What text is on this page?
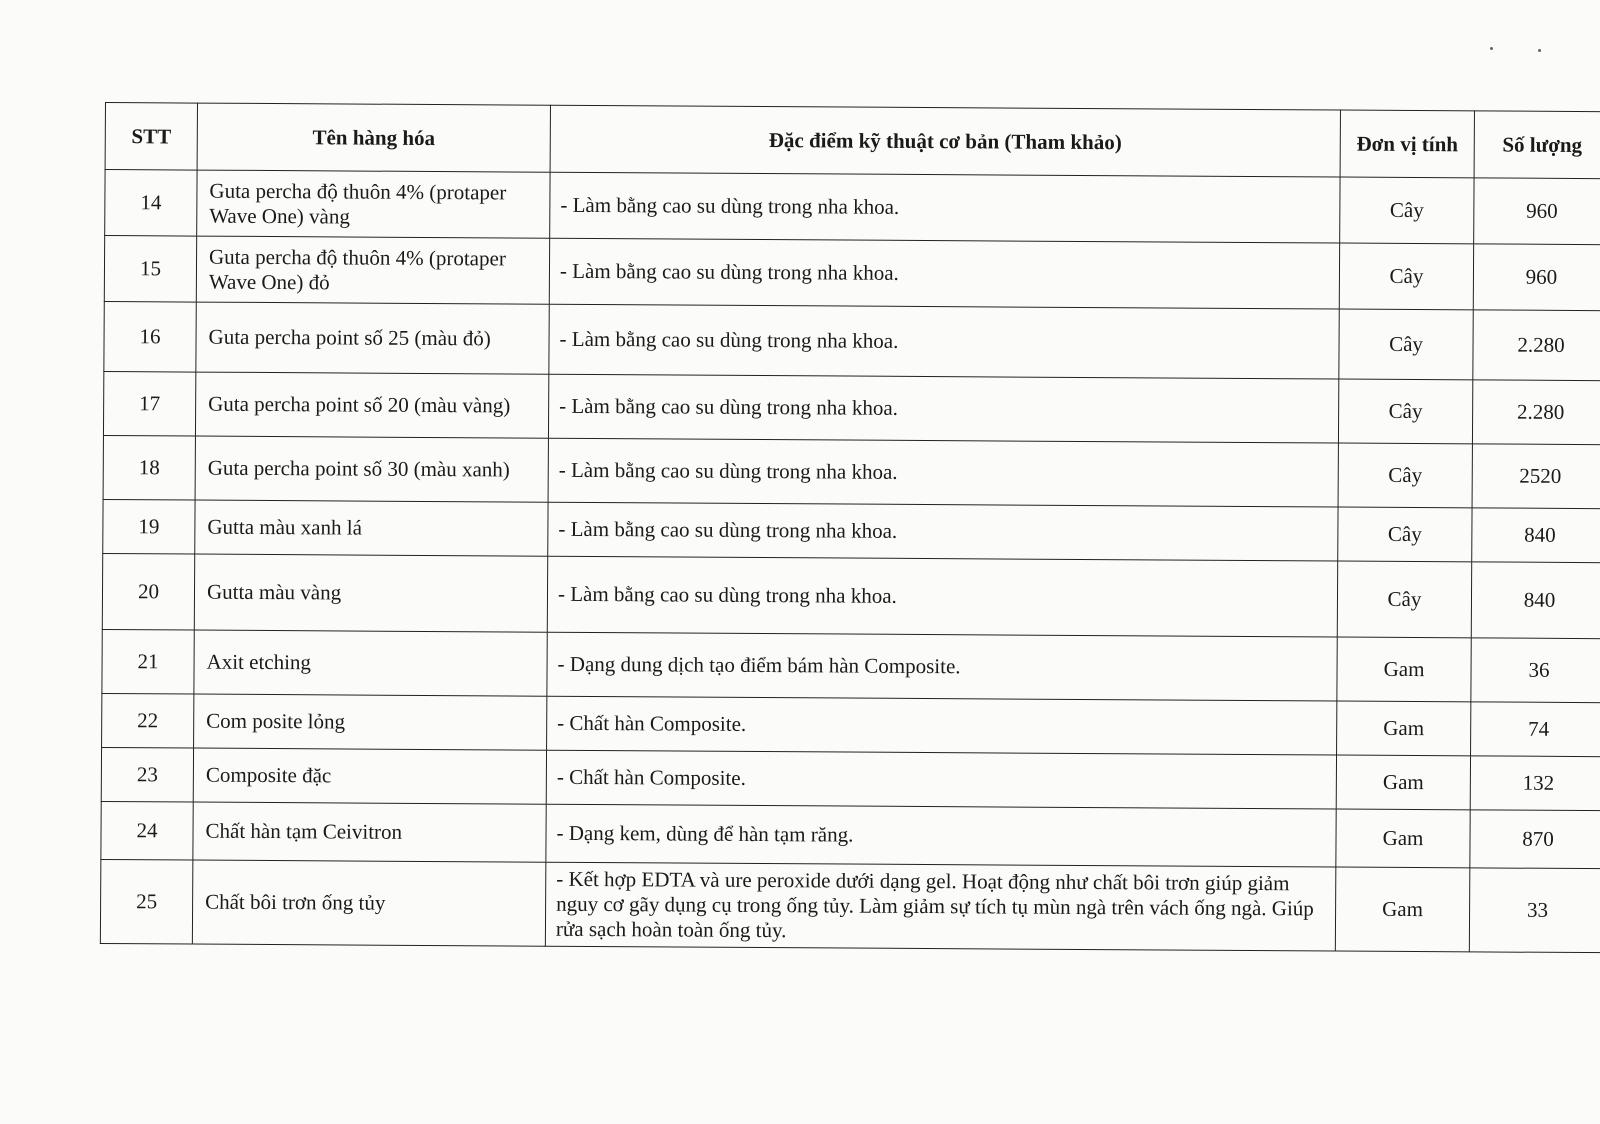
STT	Tên hàng hóa	Đặc điểm kỹ thuật cơ bản (Tham khảo)	Đơn vị tính	Số lượng
14	Guta percha độ thuôn 4% (protaper Wave One) vàng	- Làm bằng cao su dùng trong nha khoa.	Cây	960
15	Guta percha độ thuôn 4% (protaper Wave One) đỏ	- Làm bằng cao su dùng trong nha khoa.	Cây	960
16	Guta percha point số 25 (màu đỏ)	- Làm bằng cao su dùng trong nha khoa.	Cây	2.280
17	Guta percha point số 20 (màu vàng)	- Làm bằng cao su dùng trong nha khoa.	Cây	2.280
18	Guta percha point số 30 (màu xanh)	- Làm bằng cao su dùng trong nha khoa.	Cây	2520
19	Gutta màu xanh lá	- Làm bằng cao su dùng trong nha khoa.	Cây	840
20	Gutta màu vàng	- Làm bằng cao su dùng trong nha khoa.	Cây	840
21	Axit etching	- Dạng dung dịch tạo điểm bám hàn Composite.	Gam	36
22	Com posite lỏng	- Chất hàn Composite.	Gam	74
23	Composite đặc	- Chất hàn Composite.	Gam	132
24	Chất hàn tạm Ceivitron	- Dạng kem, dùng để hàn tạm răng.	Gam	870
25	Chất bôi trơn ống tủy	- Kết hợp EDTA và ure peroxide dưới dạng gel. Hoạt động như chất bôi trơn giúp giảm nguy cơ gãy dụng cụ trong ống tủy. Làm giảm sự tích tụ mùn ngà trên vách ống ngà. Giúp rửa sạch hoàn toàn ống tủy.	Gam	33
